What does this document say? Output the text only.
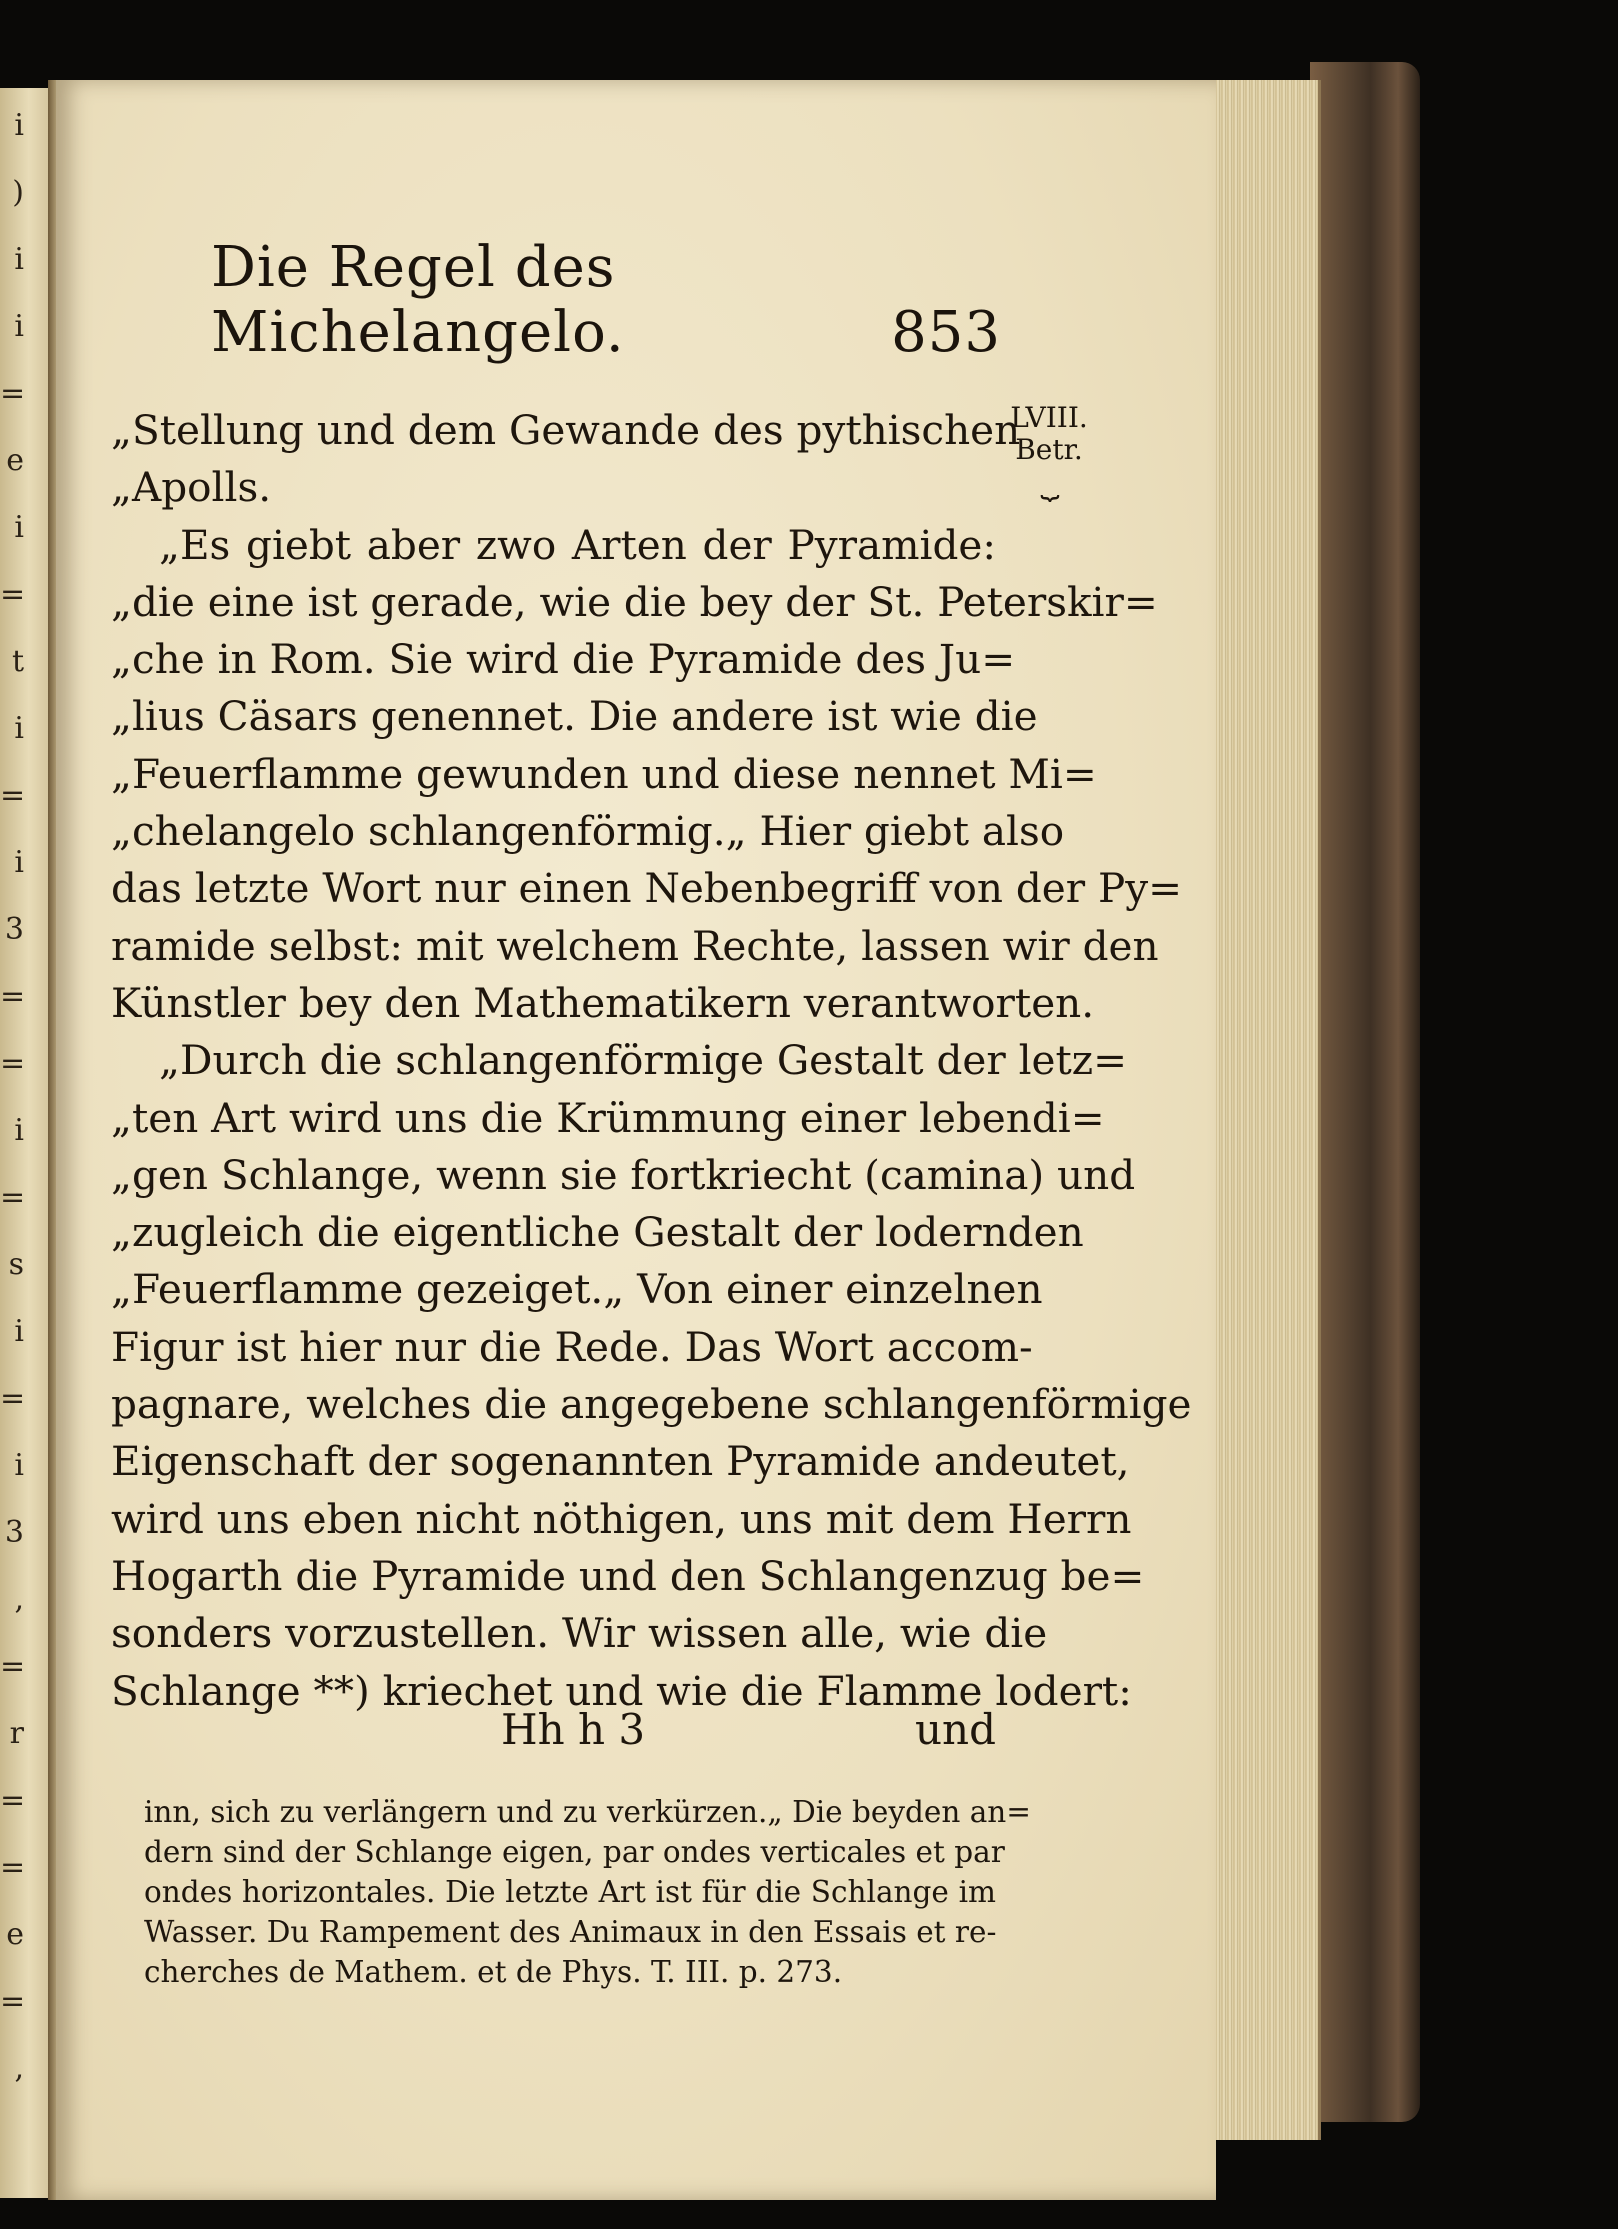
i
)
i
i
=
e
i
=
t
i
=
i
3
=
=
i
=
s
i
=
i
3
,
=
r
=
=
e
=
,
Die Regel des Michelangelo.	853
„Stellung und dem Gewande des pythischen
„Apolls.
„Es giebt aber zwo Arten der Pyramide:
„die eine ist gerade, wie die bey der St. Peterskir=
„che in Rom. Sie wird die Pyramide des Ju=
„lius Cäsars genennet. Die andere ist wie die
„Feuerflamme gewunden und diese nennet Mi=
„chelangelo schlangenförmig.„ Hier giebt also
das letzte Wort nur einen Nebenbegriff von der Py=
ramide selbst: mit welchem Rechte, lassen wir den
Künstler bey den Mathematikern verantworten.
„Durch die schlangenförmige Gestalt der letz=
„ten Art wird uns die Krümmung einer lebendi=
„gen Schlange, wenn sie fortkriecht (camina) und
„zugleich die eigentliche Gestalt der lodernden
„Feuerflamme gezeiget.„ Von einer einzelnen
Figur ist hier nur die Rede. Das Wort accom-
pagnare, welches die angegebene schlangenförmige
Eigenschaft der sogenannten Pyramide andeutet,
wird uns eben nicht nöthigen, uns mit dem Herrn
Hogarth die Pyramide und den Schlangenzug be=
sonders vorzustellen. Wir wissen alle, wie die
Schlange **) kriechet und wie die Flamme lodert:
LVIII.
Betr.
⏟
Hh h 3	und
inn, sich zu verlängern und zu verkürzen.„ Die beyden an=
dern sind der Schlange eigen, par ondes verticales et par
ondes horizontales. Die letzte Art ist für die Schlange im
Wasser. Du Rampement des Animaux in den Essais et re-
cherches de Mathem. et de Phys. T. III. p. 273.
